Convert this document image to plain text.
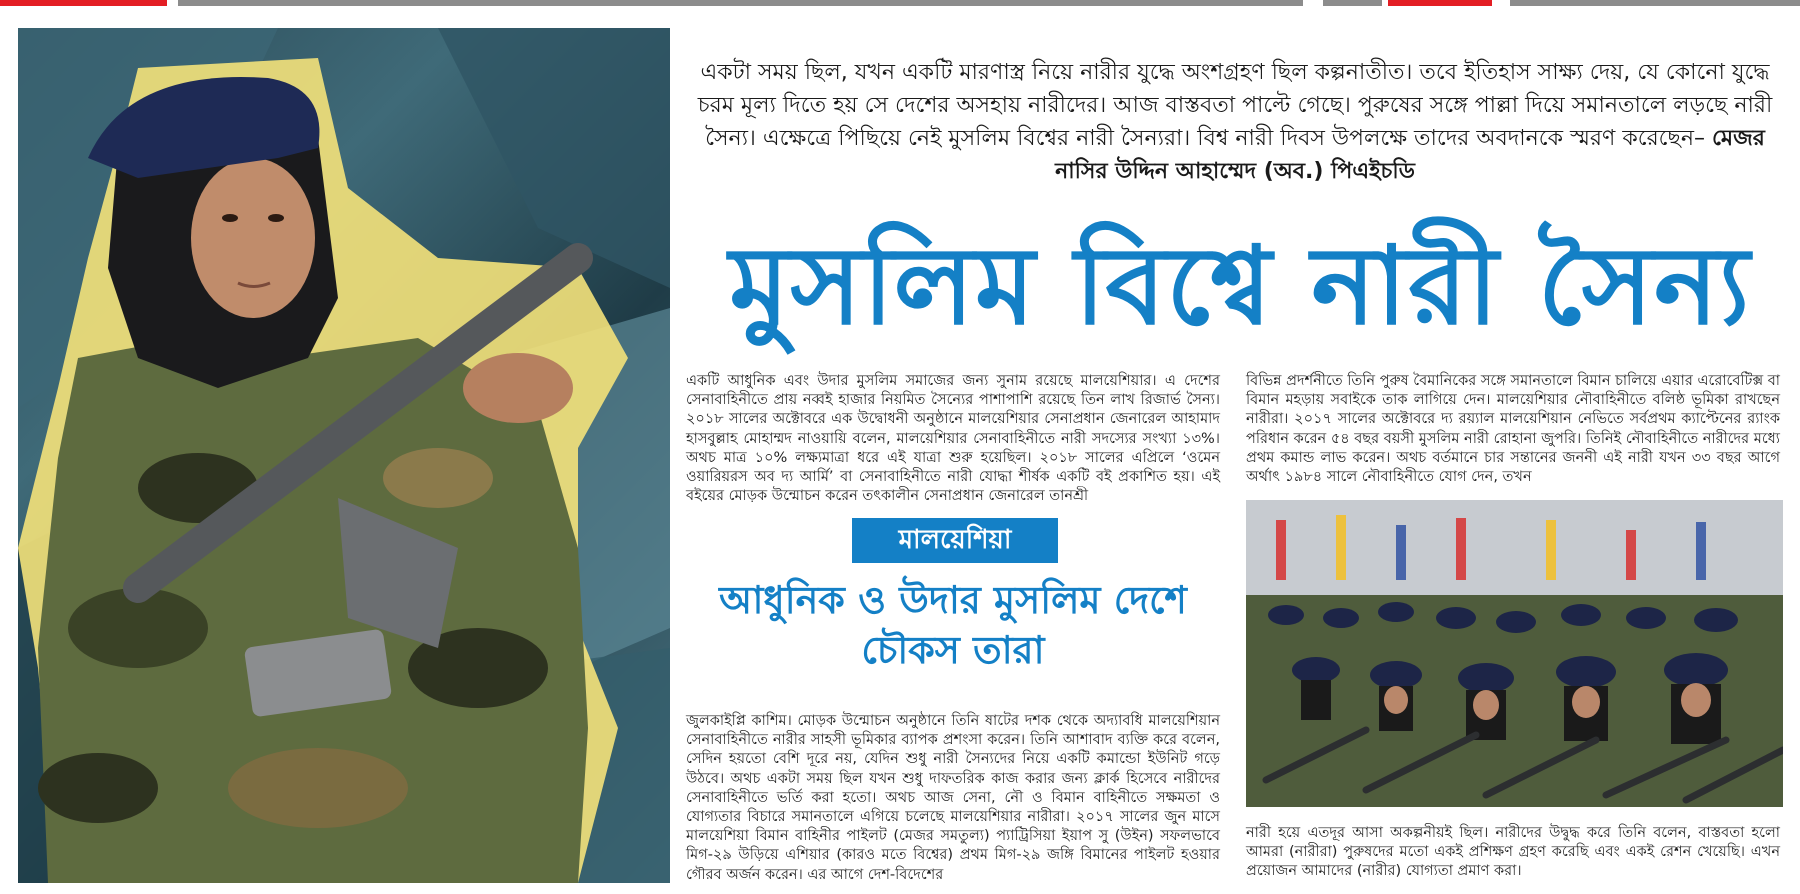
একটা সময় ছিল, যখন একটি মারণাস্ত্র নিয়ে নারীর যুদ্ধে অংশগ্রহণ ছিল কল্পনাতীত। তবে ইতিহাস সাক্ষ্য দেয়, যে কোনো যুদ্ধে চরম মূল্য দিতে হয় সে দেশের অসহায় নারীদের। আজ বাস্তবতা পাল্টে গেছে। পুরুষের সঙ্গে পাল্লা দিয়ে সমানতালে লড়ছে নারী সৈন্য। এক্ষেত্রে পিছিয়ে নেই মুসলিম বিশ্বের নারী সৈন্যরা। বিশ্ব নারী দিবস উপলক্ষে তাদের অবদানকে স্মরণ করেছেন– মেজর নাসির উদ্দিন আহাম্মেদ (অব.) পিএইচডি
মুসলিম বিশ্বে নারী সৈন্য
একটি আধুনিক এবং উদার মুসলিম সমাজের জন্য সুনাম রয়েছে মালয়েশিয়ার। এ দেশের সেনাবাহিনীতে প্রায় নব্বই হাজার নিয়মিত সৈন্যের পাশাপাশি রয়েছে তিন লাখ রিজার্ভ সৈন্য। ২০১৮ সালের অক্টোবরে এক উদ্বোধনী অনুষ্ঠানে মালয়েশিয়ার সেনাপ্রধান জেনারেল আহামাদ হাসবুল্লাহ মোহাম্মদ নাওয়ায়ি বলেন, মালয়েশিয়ার সেনাবাহিনীতে নারী সদস্যের সংখ্যা ১৩%। অথচ মাত্র ১০% লক্ষ্যমাত্রা ধরে এই যাত্রা শুরু হয়েছিল। ২০১৮ সালের এপ্রিলে ‘ওমেন ওয়ারিয়রস অব দ্য আর্মি’ বা সেনাবাহিনীতে নারী যোদ্ধা শীর্ষক একটি বই প্রকাশিত হয়। এই বইয়ের মোড়ক উন্মোচন করেন তৎকালীন সেনাপ্রধান জেনারেল তানশ্রী
মালয়েশিয়া
আধুনিক ও উদার মুসলিম দেশে চৌকস তারা
জুলকাইপ্লি কাশিম। মোড়ক উন্মোচন অনুষ্ঠানে তিনি ষাটের দশক থেকে অদ্যাবধি মালয়েশিয়ান সেনাবাহিনীতে নারীর সাহসী ভূমিকার ব্যাপক প্রশংসা করেন। তিনি আশাবাদ ব্যক্তি করে বলেন, সেদিন হয়তো বেশি দূরে নয়, যেদিন শুধু নারী সৈন্যদের নিয়ে একটি কমান্ডো ইউনিট গড়ে উঠবে। অথচ একটা সময় ছিল যখন শুধু দাফতরিক কাজ করার জন্য ক্লার্ক হিসেবে নারীদের সেনাবাহিনীতে ভর্তি করা হতো। অথচ আজ সেনা, নৌ ও বিমান বাহিনীতে সক্ষমতা ও যোগ্যতার বিচারে সমানতালে এগিয়ে চলেছে মালয়েশিয়ার নারীরা। ২০১৭ সালের জুন মাসে মালয়েশিয়া বিমান বাহিনীর পাইলট (মেজর সমতুল্য) প্যাট্রিসিয়া ইয়াপ সু (উইন) সফলভাবে মিগ-২৯ উড়িয়ে এশিয়ার (কারও মতে বিশ্বের) প্রথম মিগ-২৯ জঙ্গি বিমানের পাইলট হওয়ার গৌরব অর্জন করেন। এর আগে দেশ-বিদেশের
বিভিন্ন প্রদর্শনীতে তিনি পুরুষ বৈমানিকের সঙ্গে সমানতালে বিমান চালিয়ে এয়ার এরোবেটিক্স বা বিমান মহড়ায় সবাইকে তাক লাগিয়ে দেন। মালয়েশিয়ার নৌবাহিনীতে বলিষ্ঠ ভূমিকা রাখছেন নারীরা। ২০১৭ সালের অক্টোবরে দ্য রয়্যাল মালয়েশিয়ান নেভিতে সর্বপ্রথম ক্যাপ্টেনের র‍্যাংক পরিধান করেন ৫৪ বছর বয়সী মুসলিম নারী রোহানা জুপরি। তিনিই নৌবাহিনীতে নারীদের মধ্যে প্রথম কমান্ড লাভ করেন। অথচ বর্তমানে চার সন্তানের জননী এই নারী যখন ৩৩ বছর আগে অর্থাৎ ১৯৮৪ সালে নৌবাহিনীতে যোগ দেন, তখন
নারী হয়ে এতদূর আসা অকল্পনীয়ই ছিল। নারীদের উদ্বুদ্ধ করে তিনি বলেন, বাস্তবতা হলো আমরা (নারীরা) পুরুষদের মতো একই প্রশিক্ষণ গ্রহণ করেছি এবং একই রেশন খেয়েছি। এখন প্রয়োজন আমাদের (নারীর) যোগ্যতা প্রমাণ করা।
